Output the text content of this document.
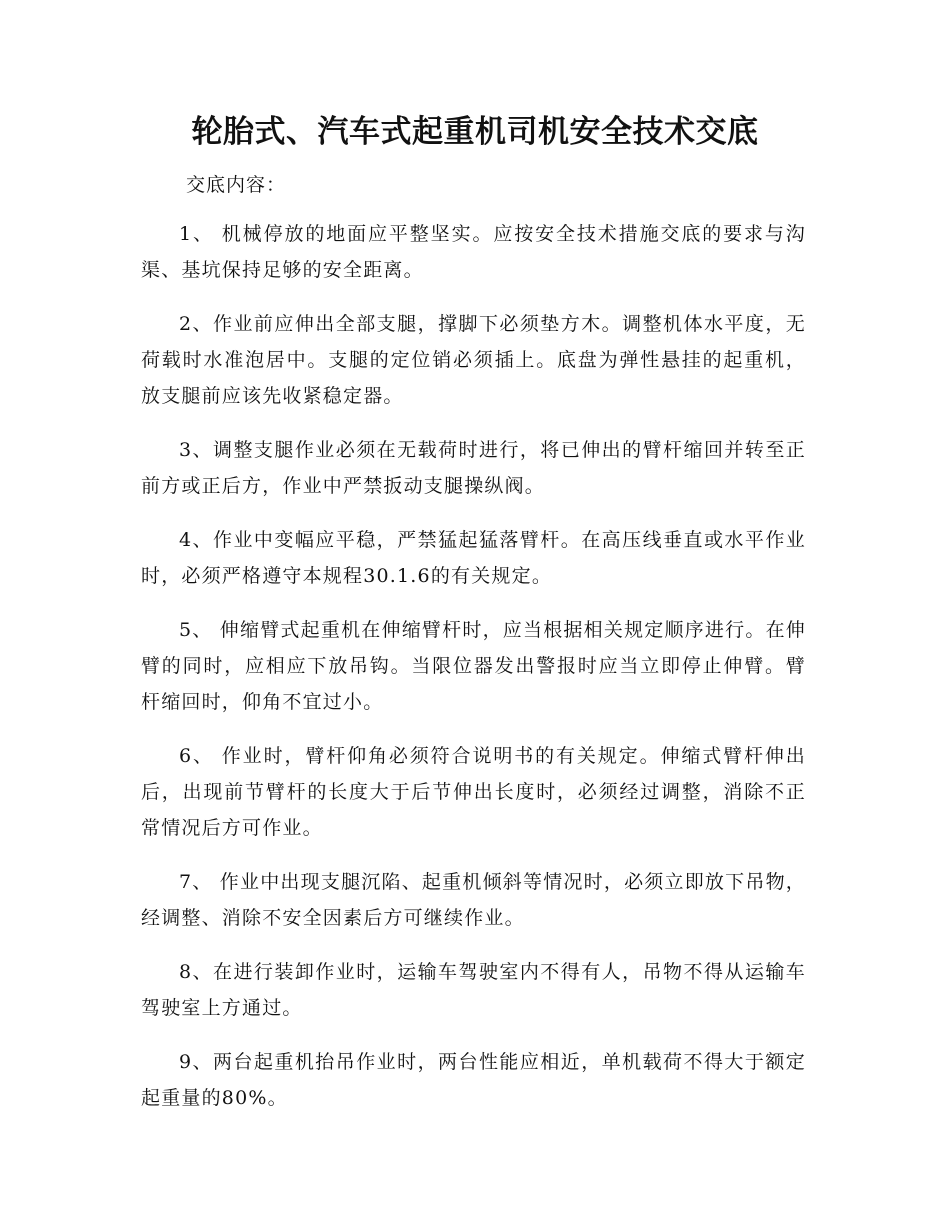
轮胎式、汽车式起重机司机安全技术交底

交底内容：

1、 机械停放的地面应平整坚实。应按安全技术措施交底的要求与沟渠、基坑保持足够的安全距离。

2、作业前应伸出全部支腿，撑脚下必须垫方木。调整机体水平度，无荷载时水准泡居中。支腿的定位销必须插上。底盘为弹性悬挂的起重机，放支腿前应该先收紧稳定器。

3、调整支腿作业必须在无载荷时进行，将已伸出的臂杆缩回并转至正前方或正后方，作业中严禁扳动支腿操纵阀。

4、作业中变幅应平稳，严禁猛起猛落臂杆。在高压线垂直或水平作业时，必须严格遵守本规程30.1.6的有关规定。

5、 伸缩臂式起重机在伸缩臂杆时，应当根据相关规定顺序进行。在伸臂的同时，应相应下放吊钩。当限位器发出警报时应当立即停止伸臂。臂杆缩回时，仰角不宜过小。

6、 作业时，臂杆仰角必须符合说明书的有关规定。伸缩式臂杆伸出后，出现前节臂杆的长度大于后节伸出长度时，必须经过调整，消除不正常情况后方可作业。

7、 作业中出现支腿沉陷、起重机倾斜等情况时，必须立即放下吊物，经调整、消除不安全因素后方可继续作业。

8、在进行装卸作业时，运输车驾驶室内不得有人，吊物不得从运输车驾驶室上方通过。

9、两台起重机抬吊作业时，两台性能应相近，单机载荷不得大于额定起重量的80%。
